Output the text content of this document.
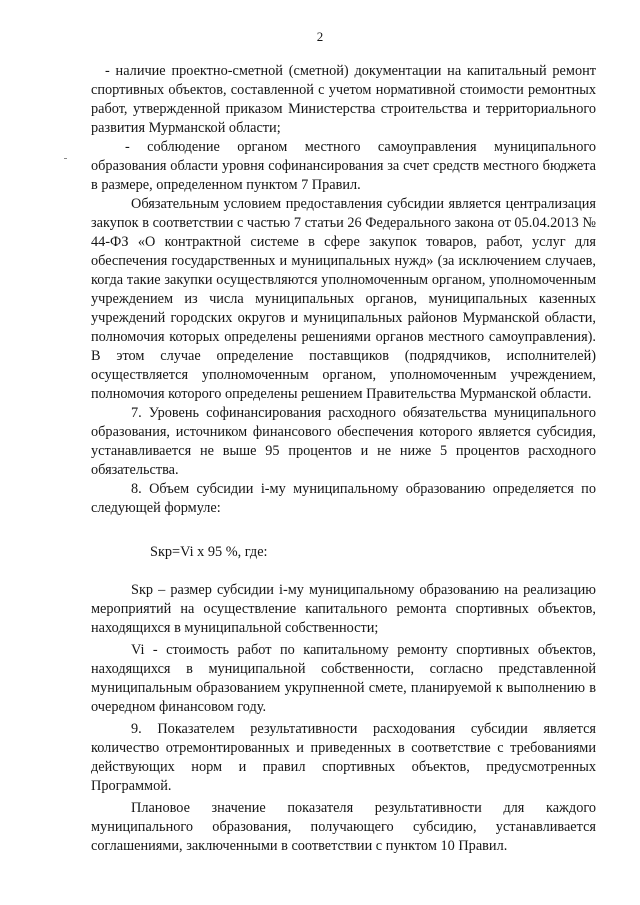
2

- наличие проектно-сметной (сметной) документации на капитальный ремонт спортивных объектов, составленной с учетом нормативной стоимости ремонтных работ, утвержденной приказом Министерства строительства и территориального развития Мурманской области;

- соблюдение органом местного самоуправления муниципального образования области уровня софинансирования за счет средств местного бюджета в размере, определенном пунктом 7 Правил.

Обязательным условием предоставления субсидии является централизация закупок в соответствии с частью 7 статьи 26 Федерального закона от 05.04.2013 № 44-ФЗ «О контрактной системе в сфере закупок товаров, работ, услуг для обеспечения государственных и муниципальных нужд» (за исключением случаев, когда такие закупки осуществляются уполномоченным органом, уполномоченным учреждением из числа муниципальных органов, муниципальных казенных учреждений городских округов и муниципальных районов Мурманской области, полномочия которых определены решениями органов местного самоуправления). В этом случае определение поставщиков (подрядчиков, исполнителей) осуществляется уполномоченным органом, уполномоченным учреждением, полномочия которого определены решением Правительства Мурманской области.

7. Уровень софинансирования расходного обязательства муниципального образования, источником финансового обеспечения которого является субсидия, устанавливается не выше 95 процентов и не ниже 5 процентов расходного обязательства.

8. Объем субсидии i-му муниципальному образованию определяется по следующей формуле:

Sкр=Vi x 95 %, где:

Sкр – размер субсидии i-му муниципальному образованию на реализацию мероприятий на осуществление капитального ремонта спортивных объектов, находящихся в муниципальной собственности;

Vi - стоимость работ по капитальному ремонту спортивных объектов, находящихся в муниципальной собственности, согласно представленной муниципальным образованием укрупненной смете, планируемой к выполнению в очередном финансовом году.

9. Показателем результативности расходования субсидии является количество отремонтированных и приведенных в соответствие с требованиями действующих норм и правил спортивных объектов, предусмотренных Программой.

Плановое значение показателя результативности для каждого муниципального образования, получающего субсидию, устанавливается соглашениями, заключенными в соответствии с пунктом 10 Правил.
